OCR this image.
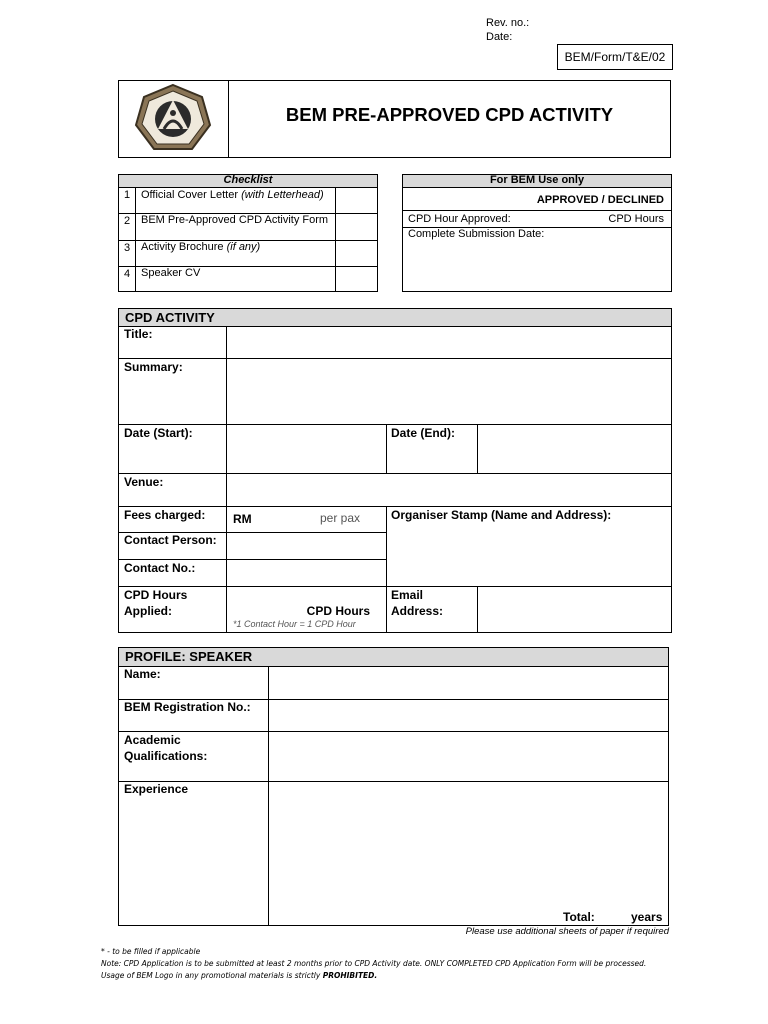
Rev. no.:
Date:
BEM/Form/T&E/02
BEM PRE-APPROVED CPD ACTIVITY
Checklist
1 Official Cover Letter (with Letterhead)
2 BEM Pre-Approved CPD Activity Form
3 Activity Brochure (if any)
4 Speaker CV
For BEM Use only
APPROVED / DECLINED
CPD Hour Approved:	CPD Hours
Complete Submission Date:
CPD ACTIVITY
Title:
Summary:
Date (Start):	Date (End):
Venue:
Fees charged: RM	per pax	Organiser Stamp (Name and Address):
Contact Person:
Contact No.:
CPD Hours
Applied:	CPD Hours
*1 Contact Hour = 1 CPD Hour
Email
Address:
PROFILE: SPEAKER
Name:
BEM Registration No.:
Academic
Qualifications:
Experience
Total:	years
Please use additional sheets of paper if required
* - to be filled if applicable
Note: CPD Application is to be submitted at least 2 months prior to CPD Activity date. ONLY COMPLETED CPD Application Form will be processed.
Usage of BEM Logo in any promotional materials is strictly PROHIBITED.
